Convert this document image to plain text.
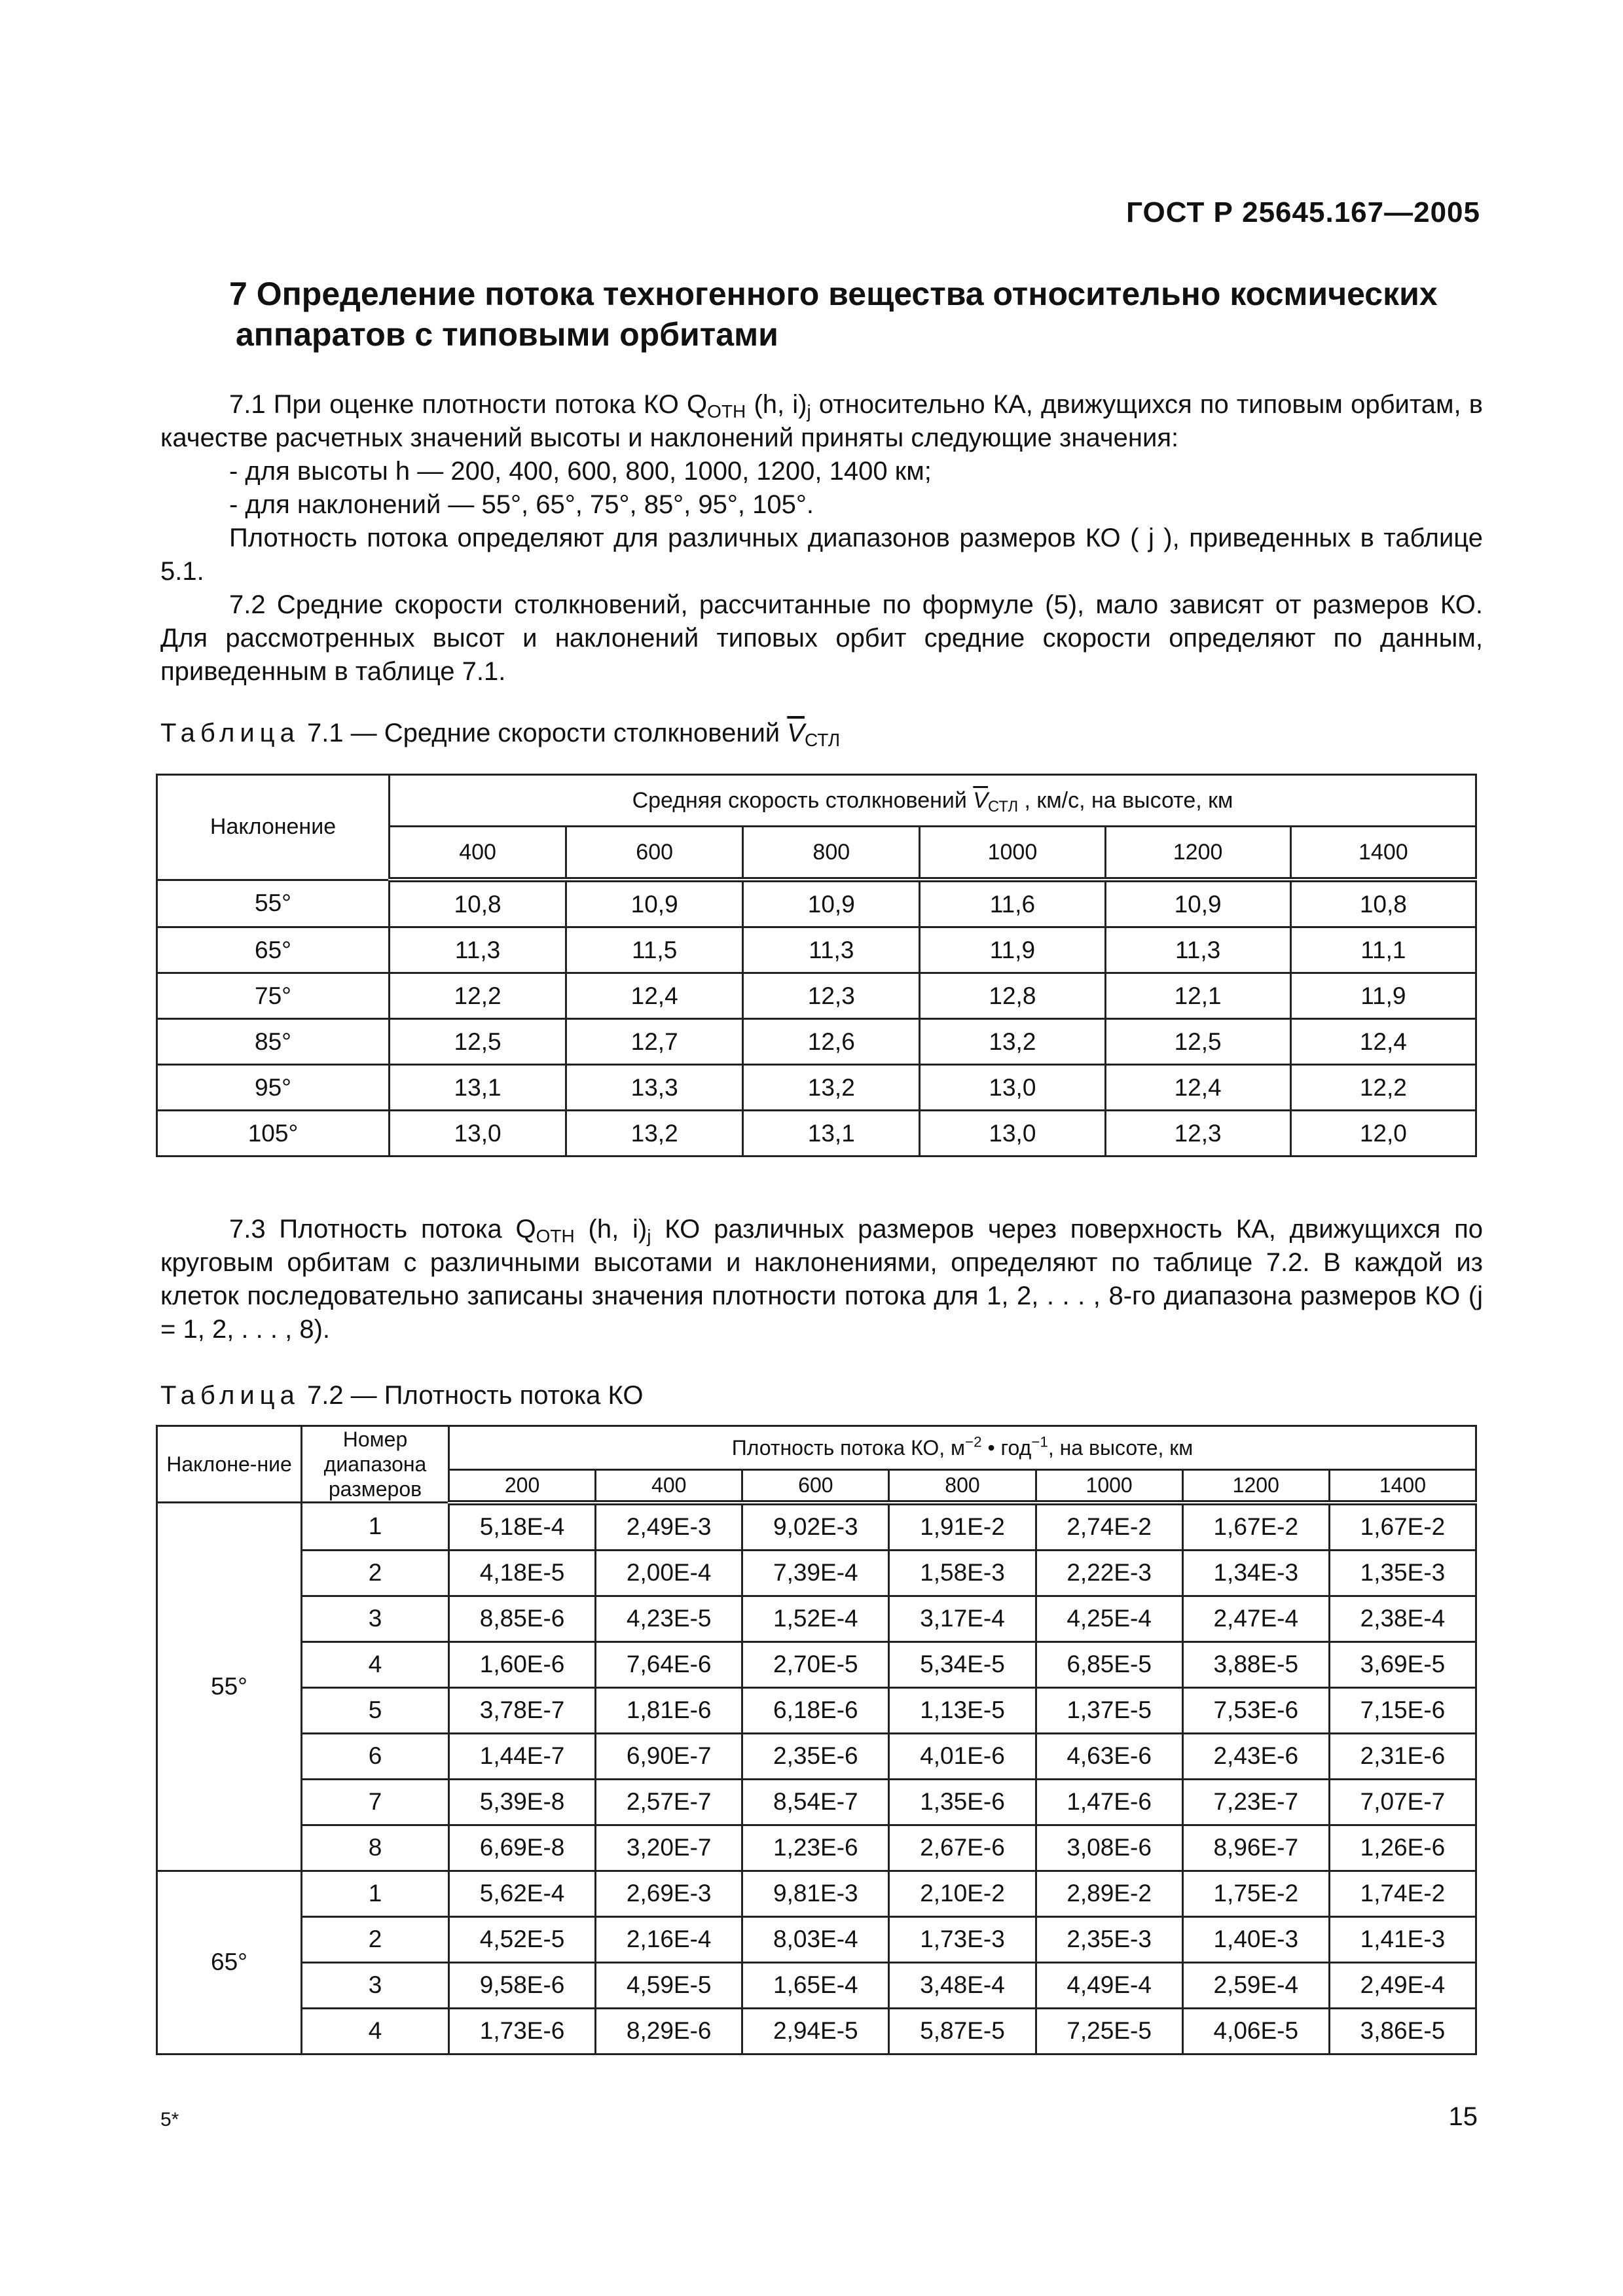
ГОСТ Р 25645.167—2005
7 Определение потока техногенного вещества относительно космических
аппаратов с типовыми орбитами

7.1 При оценке плотности потока КО $Q_{ОТН}$ (h, $i)_j$ относительно КА, движущихся по типовым орбитам, в качестве расчетных значений высоты и наклонений приняты следующие значения:

- для высоты h — 200, 400, 600, 800, 1000, 1200, 1400 км;

- для наклонений — 55°, 65°, 75°, 85°, 95°, 105°.

Плотность потока определяют для различных диапазонов размеров КО ( j ), приведенных в таблице 5.1.

7.2 Средние скорости столкновений, рассчитанные по формуле (5), мало зависят от размеров КО. Для рассмотренных высот и наклонений типовых орбит средние скорости определяют по данным, приведенным в таблице 7.1.

Таблица 7.1 — Средние скорости столкновений $\overline{V}_{СТЛ}$
Наклонение	Средняя скорость столкновений $\overline{V}_{СТЛ}$ , км/с, на высоте, км					
	400	600	800	1000	1200	1400
55°	10,8	10,9	10,9	11,6	10,9	10,8
65°	11,3	11,5	11,3	11,9	11,3	11,1
75°	12,2	12,4	12,3	12,8	12,1	11,9
85°	12,5	12,7	12,6	13,2	12,5	12,4
95°	13,1	13,3	13,2	13,0	12,4	12,2
105°	13,0	13,2	13,1	13,0	12,3	12,0

7.3 Плотность потока $Q_{ОТН}$ (h, $i)_j$ КО различных размеров через поверхность КА, движущихся по круговым орбитам с различными высотами и наклонениями, определяют по таблице 7.2. В каждой из клеток последовательно записаны значения плотности потока для 1, 2, . . . , 8-го диапазона размеров КО (j = 1, 2, . . . , 8).

Таблица 7.2 — Плотность потока КО
Наклоне-ние	Номер диапазона размеров	Плотность потока КО, $м^{-2}$ • год$^{-1}$, на высоте, км						
		200	400	600	800	1000	1200	1400
55°	1	5,18E-4	2,49E-3	9,02E-3	1,91E-2	2,74E-2	1,67E-2	1,67E-2
	2	4,18E-5	2,00E-4	7,39E-4	1,58E-3	2,22E-3	1,34E-3	1,35E-3
	3	8,85E-6	4,23E-5	1,52E-4	3,17E-4	4,25E-4	2,47E-4	2,38E-4
	4	1,60E-6	7,64E-6	2,70E-5	5,34E-5	6,85E-5	3,88E-5	3,69E-5
	5	3,78E-7	1,81E-6	6,18E-6	1,13E-5	1,37E-5	7,53E-6	7,15E-6
	6	1,44E-7	6,90E-7	2,35E-6	4,01E-6	4,63E-6	2,43E-6	2,31E-6
	7	5,39E-8	2,57E-7	8,54E-7	1,35E-6	1,47E-6	7,23E-7	7,07E-7
	8	6,69E-8	3,20E-7	1,23E-6	2,67E-6	3,08E-6	8,96E-7	1,26E-6
65°	1	5,62E-4	2,69E-3	9,81E-3	2,10E-2	2,89E-2	1,75E-2	1,74E-2
	2	4,52E-5	2,16E-4	8,03E-4	1,73E-3	2,35E-3	1,40E-3	1,41E-3
	3	9,58E-6	4,59E-5	1,65E-4	3,48E-4	4,49E-4	2,59E-4	2,49E-4
	4	1,73E-6	8,29E-6	2,94E-5	5,87E-5	7,25E-5	4,06E-5	3,86E-5
5*	15
